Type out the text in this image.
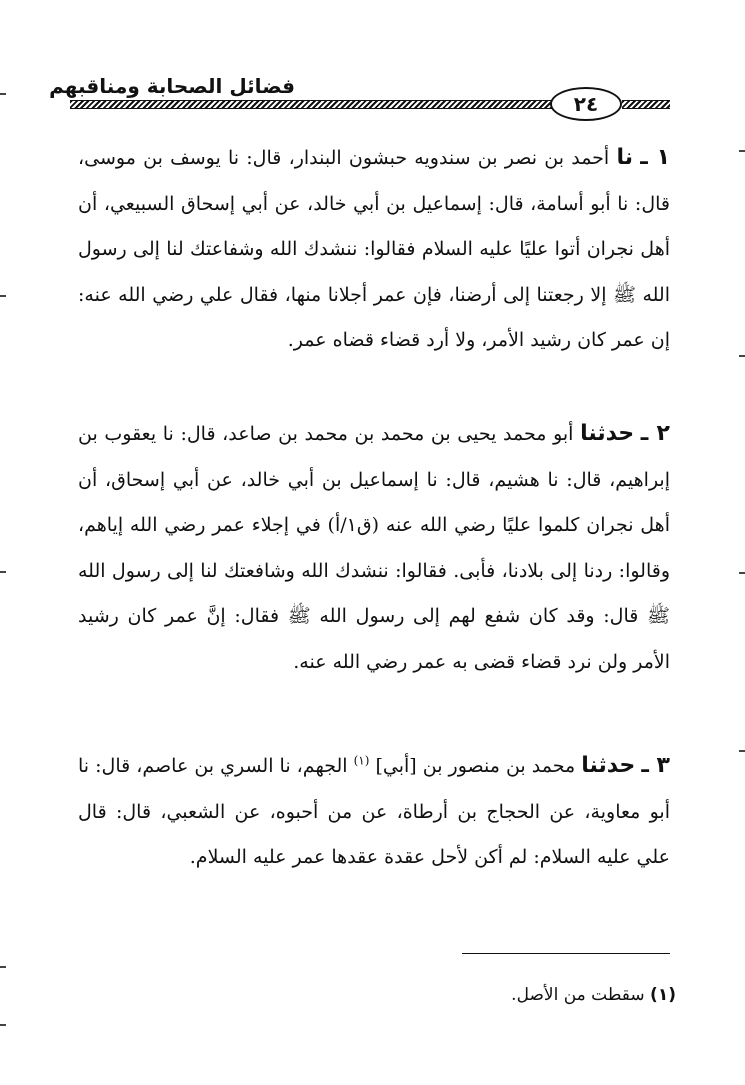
فضائل الصحابة ومناقبهم
٢٤

١ ـ نا أحمد بن نصر بن سندويه حبشون البندار، قال: نا يوسف بن موسى، قال: نا أبو أسامة، قال: إسماعيل بن أبي خالد، عن أبي إسحاق السبيعي، أن أهل نجران أتوا عليًا عليه السلام فقالوا: ننشدك الله وشفاعتك لنا إلى رسول الله ﷺ إلا رجعتنا إلى أرضنا، فإن عمر أجلانا منها، فقال علي رضي الله عنه: إن عمر كان رشيد الأمر، ولا أرد قضاء قضاه عمر.

٢ ـ حدثنا أبو محمد يحيى بن محمد بن محمد بن صاعد، قال: نا يعقوب بن إبراهيم، قال: نا هشيم، قال: نا إسماعيل بن أبي خالد، عن أبي إسحاق، أن أهل نجران كلموا عليًا رضي الله عنه (ق١/أ) في إجلاء عمر رضي الله إياهم، وقالوا: ردنا إلى بلادنا، فأبى. فقالوا: ننشدك الله وشافعتك لنا إلى رسول الله ﷺ قال: وقد كان شفع لهم إلى رسول الله ﷺ فقال: إنَّ عمر كان رشيد الأمر ولن نرد قضاء قضى به عمر رضي الله عنه.

٣ ـ حدثنا محمد بن منصور بن [أبي] $^{(١)}$ الجهم، نا السري بن عاصم، قال: نا أبو معاوية، عن الحجاج بن أرطاة، عن من أحبوه، عن الشعبي، قال: قال علي عليه السلام: لم أكن لأحل عقدة عقدها عمر عليه السلام.

(١) سقطت من الأصل.
